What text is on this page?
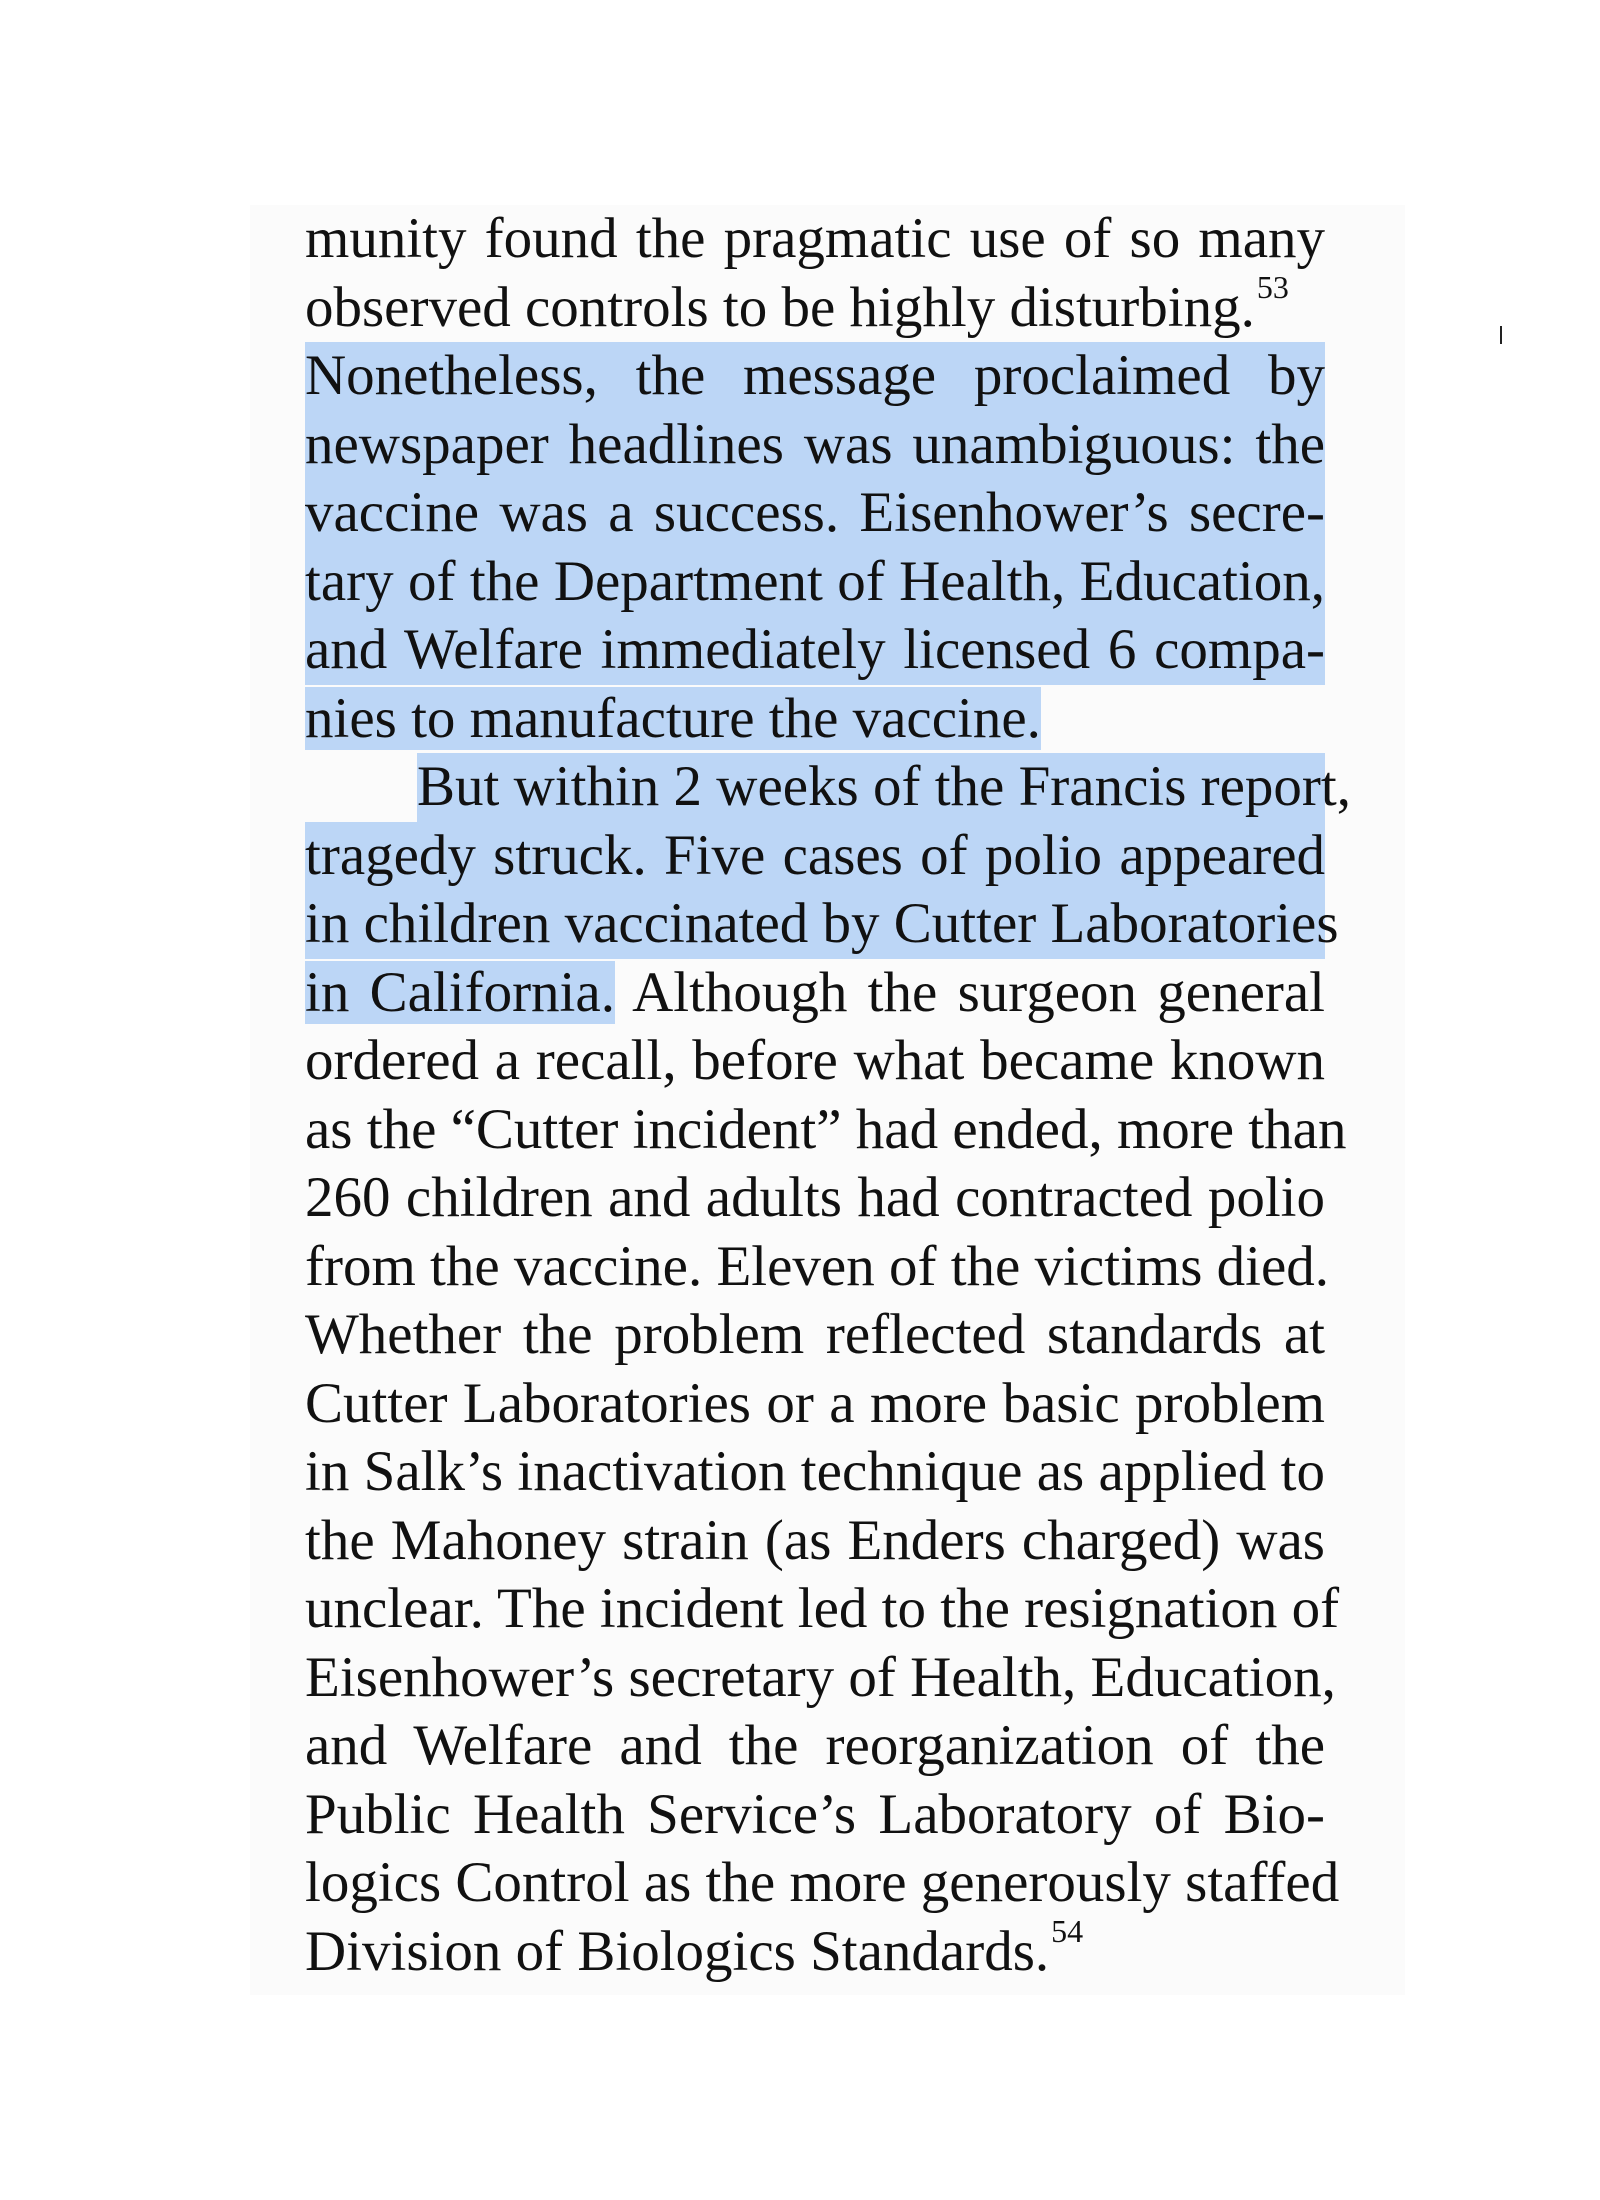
munity found the pragmatic use of so many
observed controls to be highly disturbing.$^{53}$
Nonetheless, the message proclaimed by
newspaper headlines was unambiguous: the
vaccine was a success. Eisenhower’s secre-
tary of the Department of Health, Education,
and Welfare immediately licensed 6 compa-
nies to manufacture the vaccine.
But within 2 weeks of the Francis report,
tragedy struck. Five cases of polio appeared
in children vaccinated by Cutter Laboratories
in California. Although the surgeon general
ordered a recall, before what became known
as the “Cutter incident” had ended, more than
260 children and adults had contracted polio
from the vaccine. Eleven of the victims died.
Whether the problem reflected standards at
Cutter Laboratories or a more basic problem
in Salk’s inactivation technique as applied to
the Mahoney strain (as Enders charged) was
unclear. The incident led to the resignation of
Eisenhower’s secretary of Health, Education,
and Welfare and the reorganization of the
Public Health Service’s Laboratory of Bio-
logics Control as the more generously staffed
Division of Biologics Standards.$^{54}$
